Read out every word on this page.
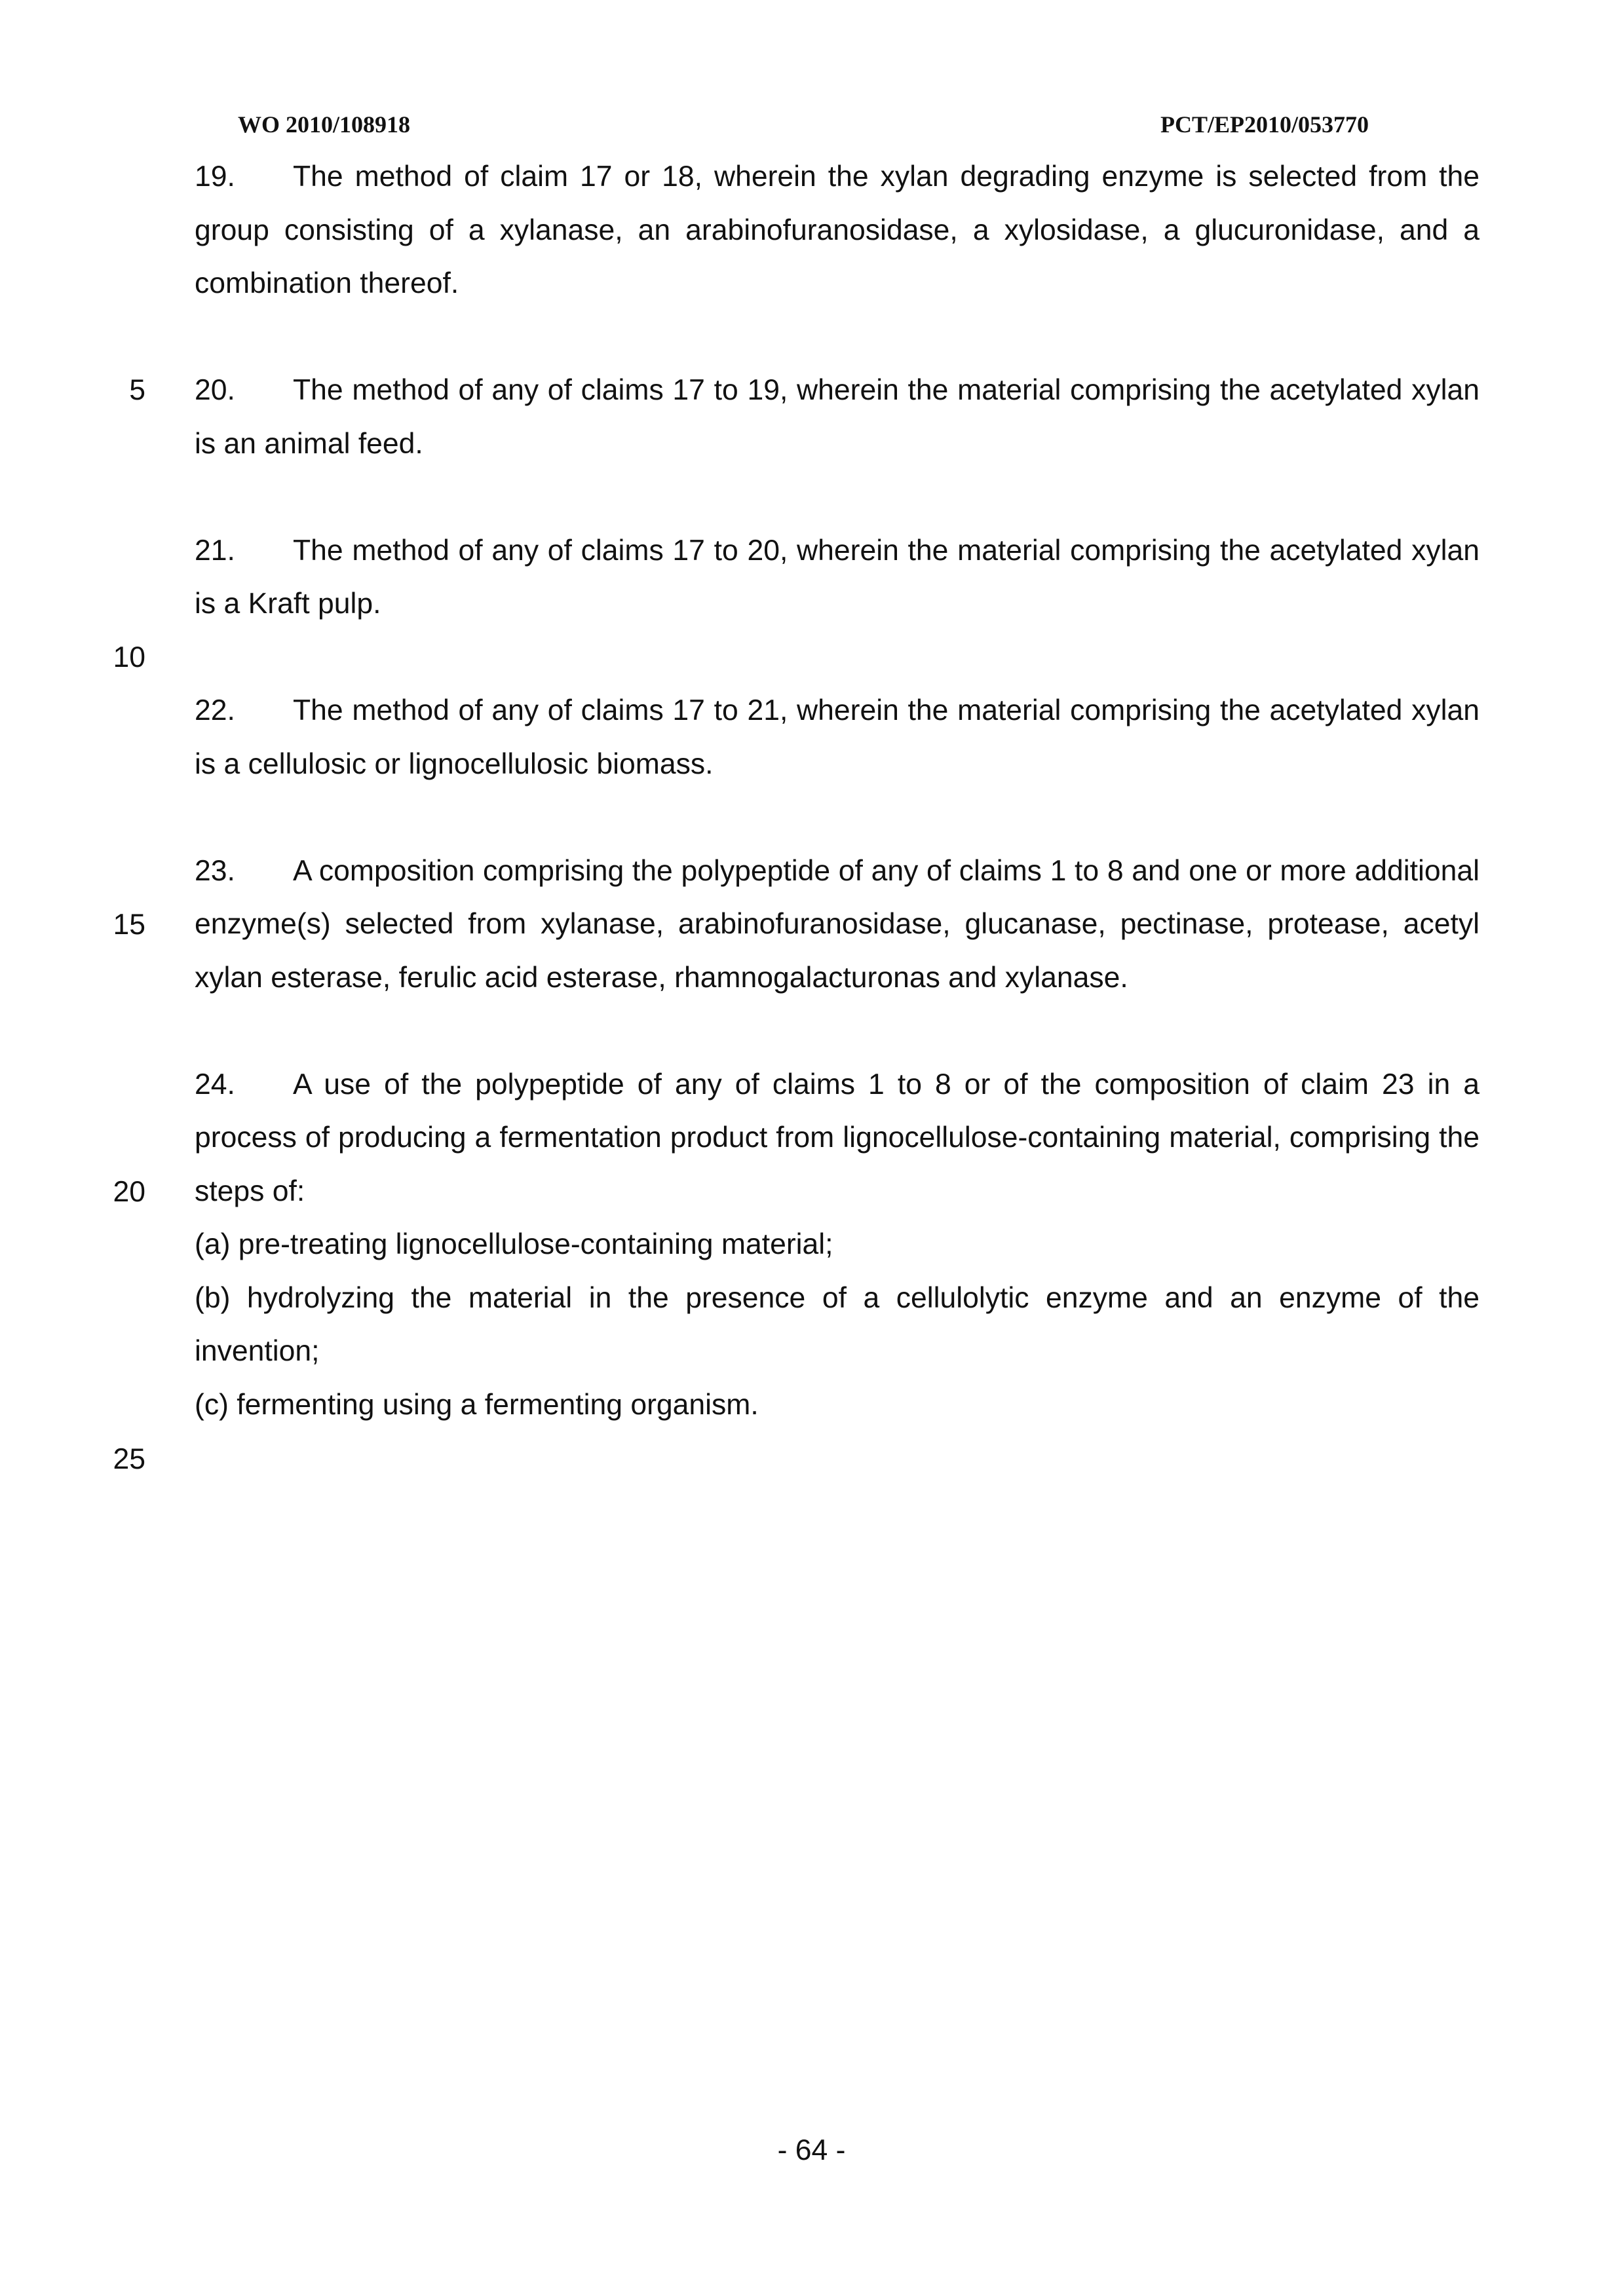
WO 2010/108918	PCT/EP2010/053770
5
10
15
20
25

19. The method of claim 17 or 18, wherein the xylan degrading enzyme is selected from the group consisting of a xylanase, an arabinofuranosidase, a xylosidase, a glucuronidase, and a combination thereof.

20. The method of any of claims 17 to 19, wherein the material comprising the acetylated xylan is an animal feed.

21. The method of any of claims 17 to 20, wherein the material comprising the acetylated xylan is a Kraft pulp.

22. The method of any of claims 17 to 21, wherein the material comprising the acetylated xylan is a cellulosic or lignocellulosic biomass.

23. A composition comprising the polypeptide of any of claims 1 to 8 and one or more additional enzyme(s) selected from xylanase, arabinofuranosidase, glucanase, pectinase, protease, acetyl xylan esterase, ferulic acid esterase, rhamnogalacturonas and xylanase.

24. A use of the polypeptide of any of claims 1 to 8 or of the composition of claim 23 in a process of producing a fermentation product from lignocellulose-containing material, comprising the steps of:

(a) pre-treating lignocellulose-containing material;

(b) hydrolyzing the material in the presence of a cellulolytic enzyme and an enzyme of the invention;

(c) fermenting using a fermenting organism.

- 64 -
